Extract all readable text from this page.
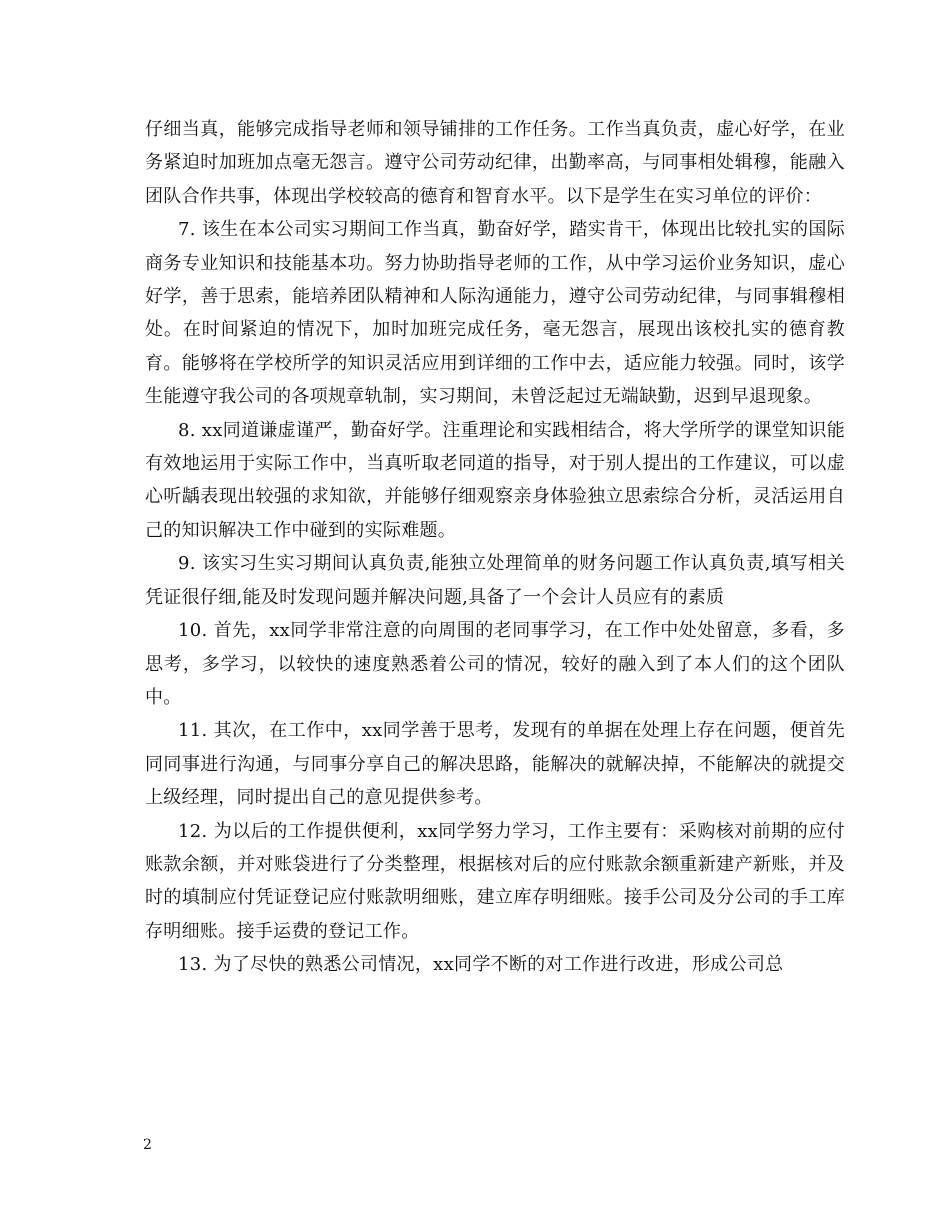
仔细当真，能够完成指导老师和领导铺排的工作任务。工作当真负责，虚心好学，在业务紧迫时加班加点毫无怨言。遵守公司劳动纪律，出勤率高，与同事相处辑穆，能融入团队合作共事，体现出学校较高的德育和智育水平。以下是学生在实习单位的评价：

7. 该生在本公司实习期间工作当真，勤奋好学，踏实肯干，体现出比较扎实的国际商务专业知识和技能基本功。努力协助指导老师的工作，从中学习运价业务知识，虚心好学，善于思索，能培养团队精神和人际沟通能力，遵守公司劳动纪律，与同事辑穆相处。在时间紧迫的情况下，加时加班完成任务，毫无怨言，展现出该校扎实的德育教育。能够将在学校所学的知识灵活应用到详细的工作中去，适应能力较强。同时，该学生能遵守我公司的各项规章轨制，实习期间，未曾泛起过无端缺勤，迟到早退现象。

8. xx同道谦虚谨严，勤奋好学。注重理论和实践相结合，将大学所学的课堂知识能有效地运用于实际工作中，当真听取老同道的指导，对于别人提出的工作建议，可以虚心听龋表现出较强的求知欲，并能够仔细观察亲身体验独立思索综合分析，灵活运用自己的知识解决工作中碰到的实际难题。

9. 该实习生实习期间认真负责,能独立处理简单的财务问题工作认真负责,填写相关凭证很仔细,能及时发现问题并解决问题,具备了一个会计人员应有的素质

10. 首先，xx同学非常注意的向周围的老同事学习，在工作中处处留意，多看，多思考，多学习，以较快的速度熟悉着公司的情况，较好的融入到了本人们的这个团队中。

11. 其次，在工作中，xx同学善于思考，发现有的单据在处理上存在问题，便首先同同事进行沟通，与同事分享自己的解决思路，能解决的就解决掉，不能解决的就提交上级经理，同时提出自己的意见提供参考。

12. 为以后的工作提供便利，xx同学努力学习，工作主要有：采购核对前期的应付账款余额，并对账袋进行了分类整理，根据核对后的应付账款余额重新建产新账，并及时的填制应付凭证登记应付账款明细账，建立库存明细账。接手公司及分公司的手工库存明细账。接手运费的登记工作。

13. 为了尽快的熟悉公司情况，xx同学不断的对工作进行改进，形成公司总

2
